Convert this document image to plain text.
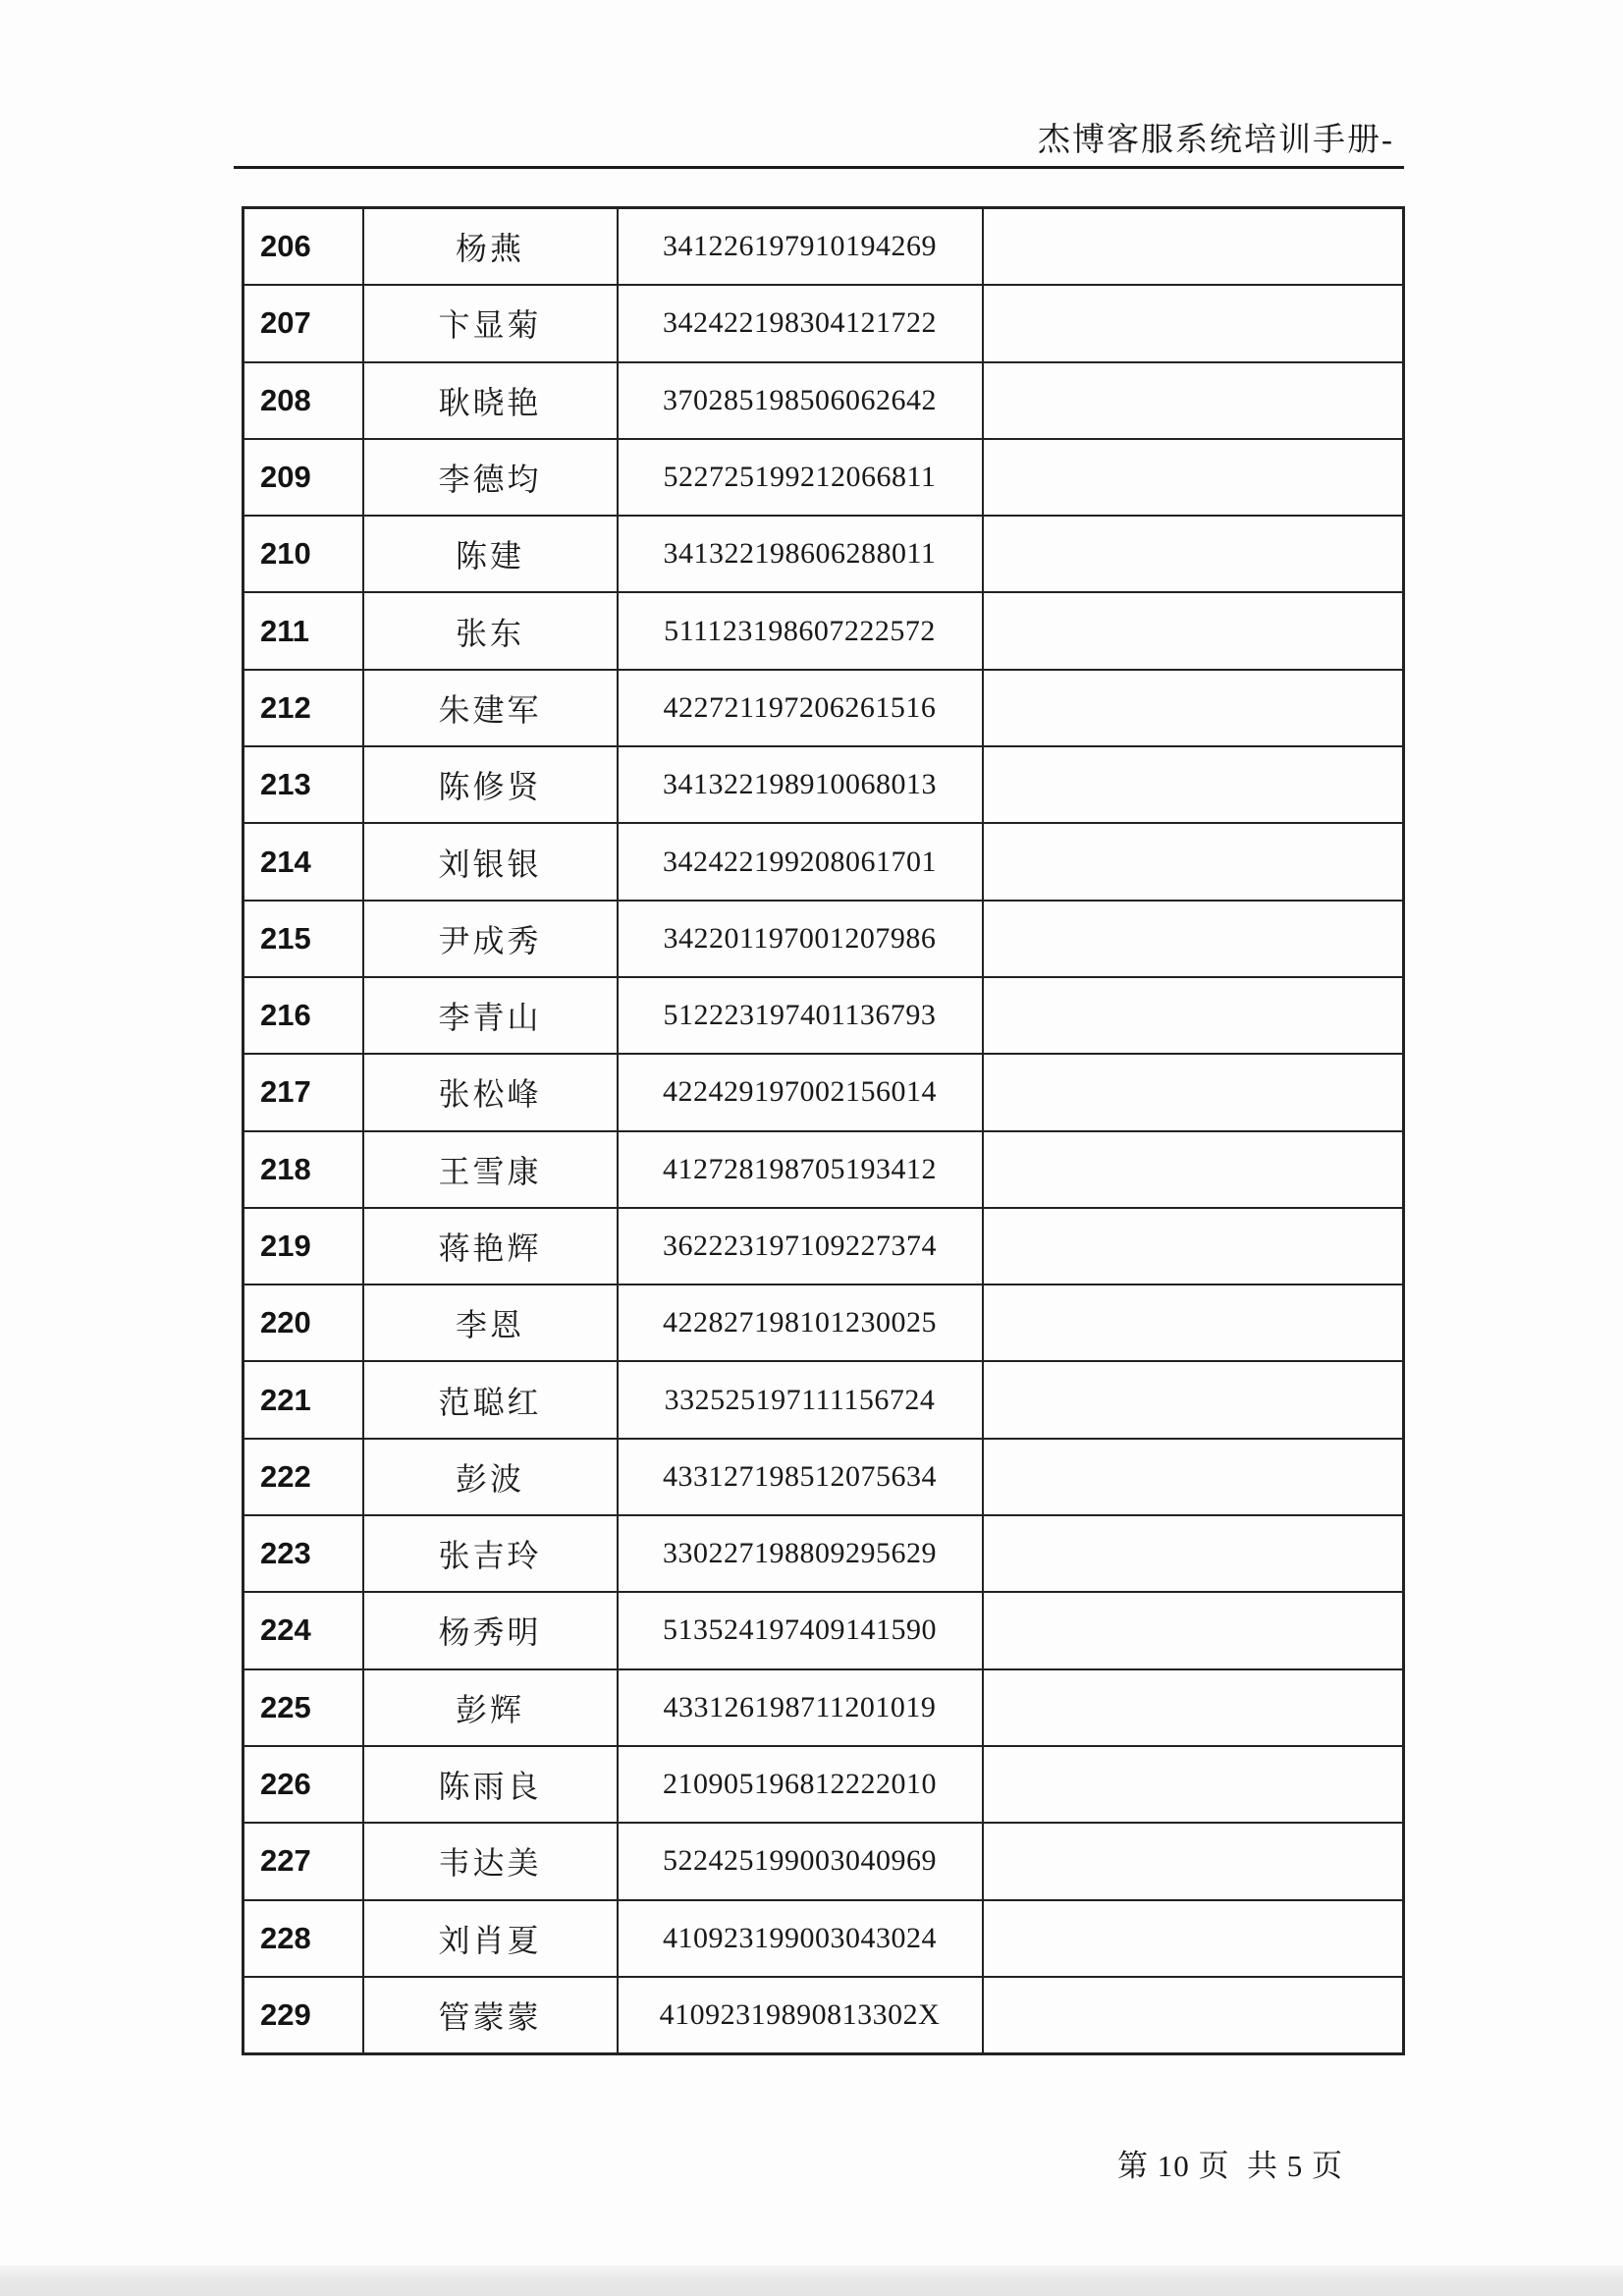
杰博客服系统培训手册-
206	杨燕	341226197910194269	
207	卞显菊	342422198304121722	
208	耿晓艳	370285198506062642	
209	李德均	522725199212066811	
210	陈建	341322198606288011	
211	张东	511123198607222572	
212	朱建军	422721197206261516	
213	陈修贤	341322198910068013	
214	刘银银	342422199208061701	
215	尹成秀	342201197001207986	
216	李青山	512223197401136793	
217	张松峰	422429197002156014	
218	王雪康	412728198705193412	
219	蒋艳辉	362223197109227374	
220	李恩	422827198101230025	
221	范聪红	332525197111156724	
222	彭波	433127198512075634	
223	张吉玲	330227198809295629	
224	杨秀明	513524197409141590	
225	彭辉	433126198711201019	
226	陈雨良	210905196812222010	
227	韦达美	522425199003040969	
228	刘肖夏	410923199003043024	
229	管蒙蒙	41092319890813302X	
第 10 页  共 5 页
